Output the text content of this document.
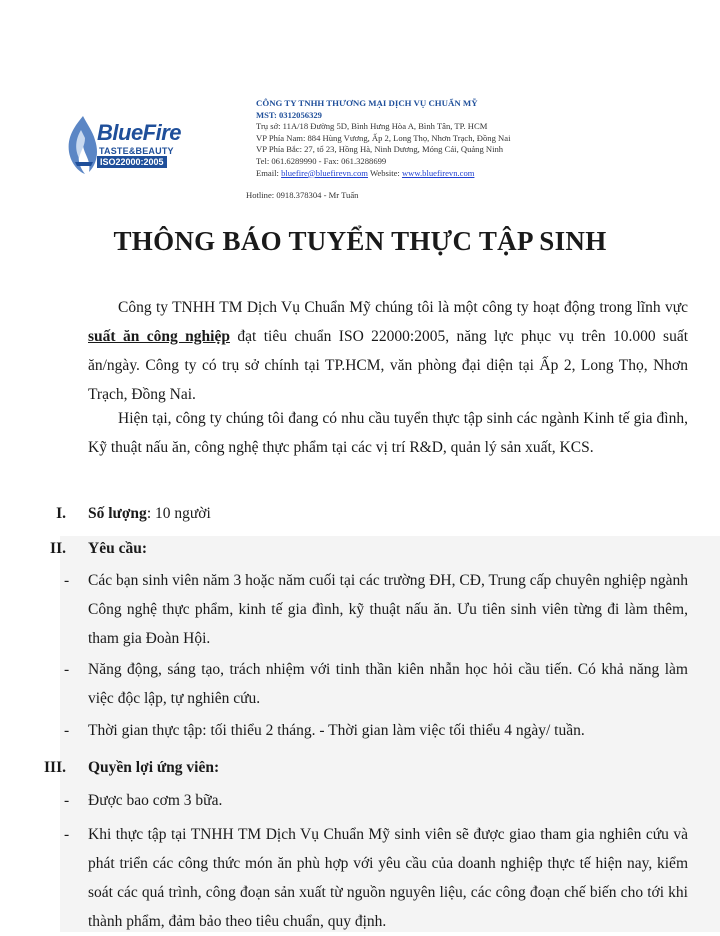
BlueFire
TASTE&BEAUTY
ISO22000:2005
CÔNG TY TNHH THƯƠNG MẠI DỊCH VỤ CHUẨN MỸ
MST: 0312056329
Trụ sở: 11A/18 Đường 5D, Bình Hưng Hòa A, Bình Tân, TP. HCM
VP Phía Nam: 884 Hùng Vương, Ấp 2, Long Thọ, Nhơn Trạch, Đồng Nai
VP Phía Bắc: 27, tổ 23, Hồng Hà, Ninh Dương, Móng Cái, Quảng Ninh
Tel: 061.6289990 - Fax: 061.3288699
Email: bluefire@bluefirevn.com Website: www.bluefirevn.com
Hotline: 0918.378304 - Mr Tuấn
THÔNG BÁO TUYỂN THỰC TẬP SINH
Công ty TNHH TM Dịch Vụ Chuẩn Mỹ chúng tôi là một công ty hoạt động trong lĩnh vực suất ăn công nghiệp đạt tiêu chuẩn ISO 22000:2005, năng lực phục vụ trên 10.000 suất ăn/ngày. Công ty có trụ sở chính tại TP.HCM, văn phòng đại diện tại Ấp 2, Long Thọ, Nhơn Trạch, Đồng Nai.
Hiện tại, công ty chúng tôi đang có nhu cầu tuyển thực tập sinh các ngành Kinh tế gia đình, Kỹ thuật nấu ăn, công nghệ thực phẩm tại các vị trí R&D, quản lý sản xuất, KCS.
I. Số lượng: 10 người
II. Yêu cầu:
- Các bạn sinh viên năm 3 hoặc năm cuối tại các trường ĐH, CĐ, Trung cấp chuyên nghiệp ngành Công nghệ thực phẩm, kinh tế gia đình, kỹ thuật nấu ăn. Ưu tiên sinh viên từng đi làm thêm, tham gia Đoàn Hội.
- Năng động, sáng tạo, trách nhiệm với tinh thần kiên nhẫn học hỏi cầu tiến. Có khả năng làm việc độc lập, tự nghiên cứu.
- Thời gian thực tập: tối thiểu 2 tháng. - Thời gian làm việc tối thiểu 4 ngày/ tuần.
III. Quyền lợi ứng viên:
- Được bao cơm 3 bữa.
- Khi thực tập tại TNHH TM Dịch Vụ Chuẩn Mỹ sinh viên sẽ được giao tham gia nghiên cứu và phát triển các công thức món ăn phù hợp với yêu cầu của doanh nghiệp thực tế hiện nay, kiểm soát các quá trình, công đoạn sản xuất từ nguồn nguyên liệu, các công đoạn chế biến cho tới khi thành phẩm, đảm bảo theo tiêu chuẩn, quy định.
